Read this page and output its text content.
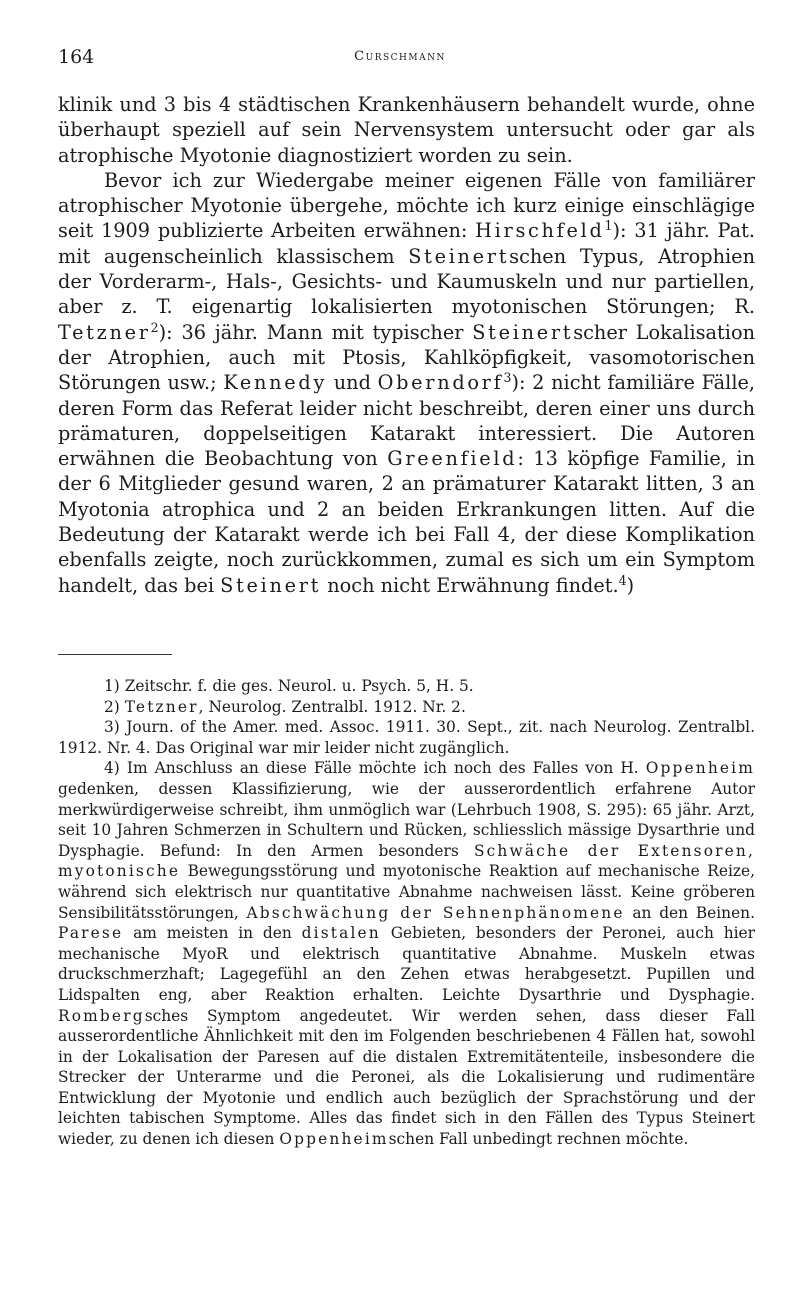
164	Curschmann

klinik und 3 bis 4 städtischen Krankenhäusern behandelt wurde, ohne überhaupt speziell auf sein Nervensystem untersucht oder gar als atrophische Myotonie diagnostiziert worden zu sein.

Bevor ich zur Wiedergabe meiner eigenen Fälle von familiärer atrophischer Myotonie übergehe, möchte ich kurz einige einschlägige seit 1909 publizierte Arbeiten erwähnen: Hirschfeld$^1$): 31 jähr. Pat. mit augenscheinlich klassischem Steinertschen Typus, Atrophien der Vorderarm-, Hals-, Gesichts- und Kaumuskeln und nur partiellen, aber z. T. eigenartig lokalisierten myotonischen Störungen; R. Tetzner$^2$): 36 jähr. Mann mit typischer Steinertscher Lokalisation der Atrophien, auch mit Ptosis, Kahlköpfigkeit, vasomotorischen Störungen usw.; Kennedy und Oberndorf$^3$): 2 nicht familiäre Fälle, deren Form das Referat leider nicht beschreibt, deren einer uns durch prämaturen, doppelseitigen Katarakt interessiert. Die Autoren erwähnen die Beobachtung von Greenfield: 13 köpfige Familie, in der 6 Mitglieder gesund waren, 2 an prämaturer Katarakt litten, 3 an Myotonia atrophica und 2 an beiden Erkrankungen litten. Auf die Bedeutung der Katarakt werde ich bei Fall 4, der diese Komplikation ebenfalls zeigte, noch zurückkommen, zumal es sich um ein Symptom handelt, das bei Steinert noch nicht Erwähnung findet.$^4$)

1) Zeitschr. f. die ges. Neurol. u. Psych. 5, H. 5.

2) Tetzner, Neurolog. Zentralbl. 1912. Nr. 2.

3) Journ. of the Amer. med. Assoc. 1911. 30. Sept., zit. nach Neurolog. Zentralbl. 1912. Nr. 4. Das Original war mir leider nicht zugänglich.

4) Im Anschluss an diese Fälle möchte ich noch des Falles von H. Oppenheim gedenken, dessen Klassifizierung, wie der ausserordentlich erfahrene Autor merkwürdigerweise schreibt, ihm unmöglich war (Lehrbuch 1908, S. 295): 65 jähr. Arzt, seit 10 Jahren Schmerzen in Schultern und Rücken, schliesslich mässige Dysarthrie und Dysphagie. Befund: In den Armen besonders Schwäche der Extensoren, myotonische Bewegungsstörung und myotonische Reaktion auf mechanische Reize, während sich elektrisch nur quantitative Abnahme nachweisen lässt. Keine gröberen Sensibilitätsstörungen, Abschwächung der Sehnenphänomene an den Beinen. Parese am meisten in den distalen Gebieten, besonders der Peronei, auch hier mechanische MyoR und elektrisch quantitative Abnahme. Muskeln etwas druckschmerzhaft; Lagegefühl an den Zehen etwas herabgesetzt. Pupillen und Lidspalten eng, aber Reaktion erhalten. Leichte Dysarthrie und Dysphagie. Rombergsches Symptom angedeutet. Wir werden sehen, dass dieser Fall ausserordentliche Ähnlichkeit mit den im Folgenden beschriebenen 4 Fällen hat, sowohl in der Lokalisation der Paresen auf die distalen Extremitätenteile, insbesondere die Strecker der Unterarme und die Peronei, als die Lokalisierung und rudimentäre Entwicklung der Myotonie und endlich auch bezüglich der Sprachstörung und der leichten tabischen Symptome. Alles das findet sich in den Fällen des Typus Steinert wieder, zu denen ich diesen Oppenheimschen Fall unbedingt rechnen möchte.
